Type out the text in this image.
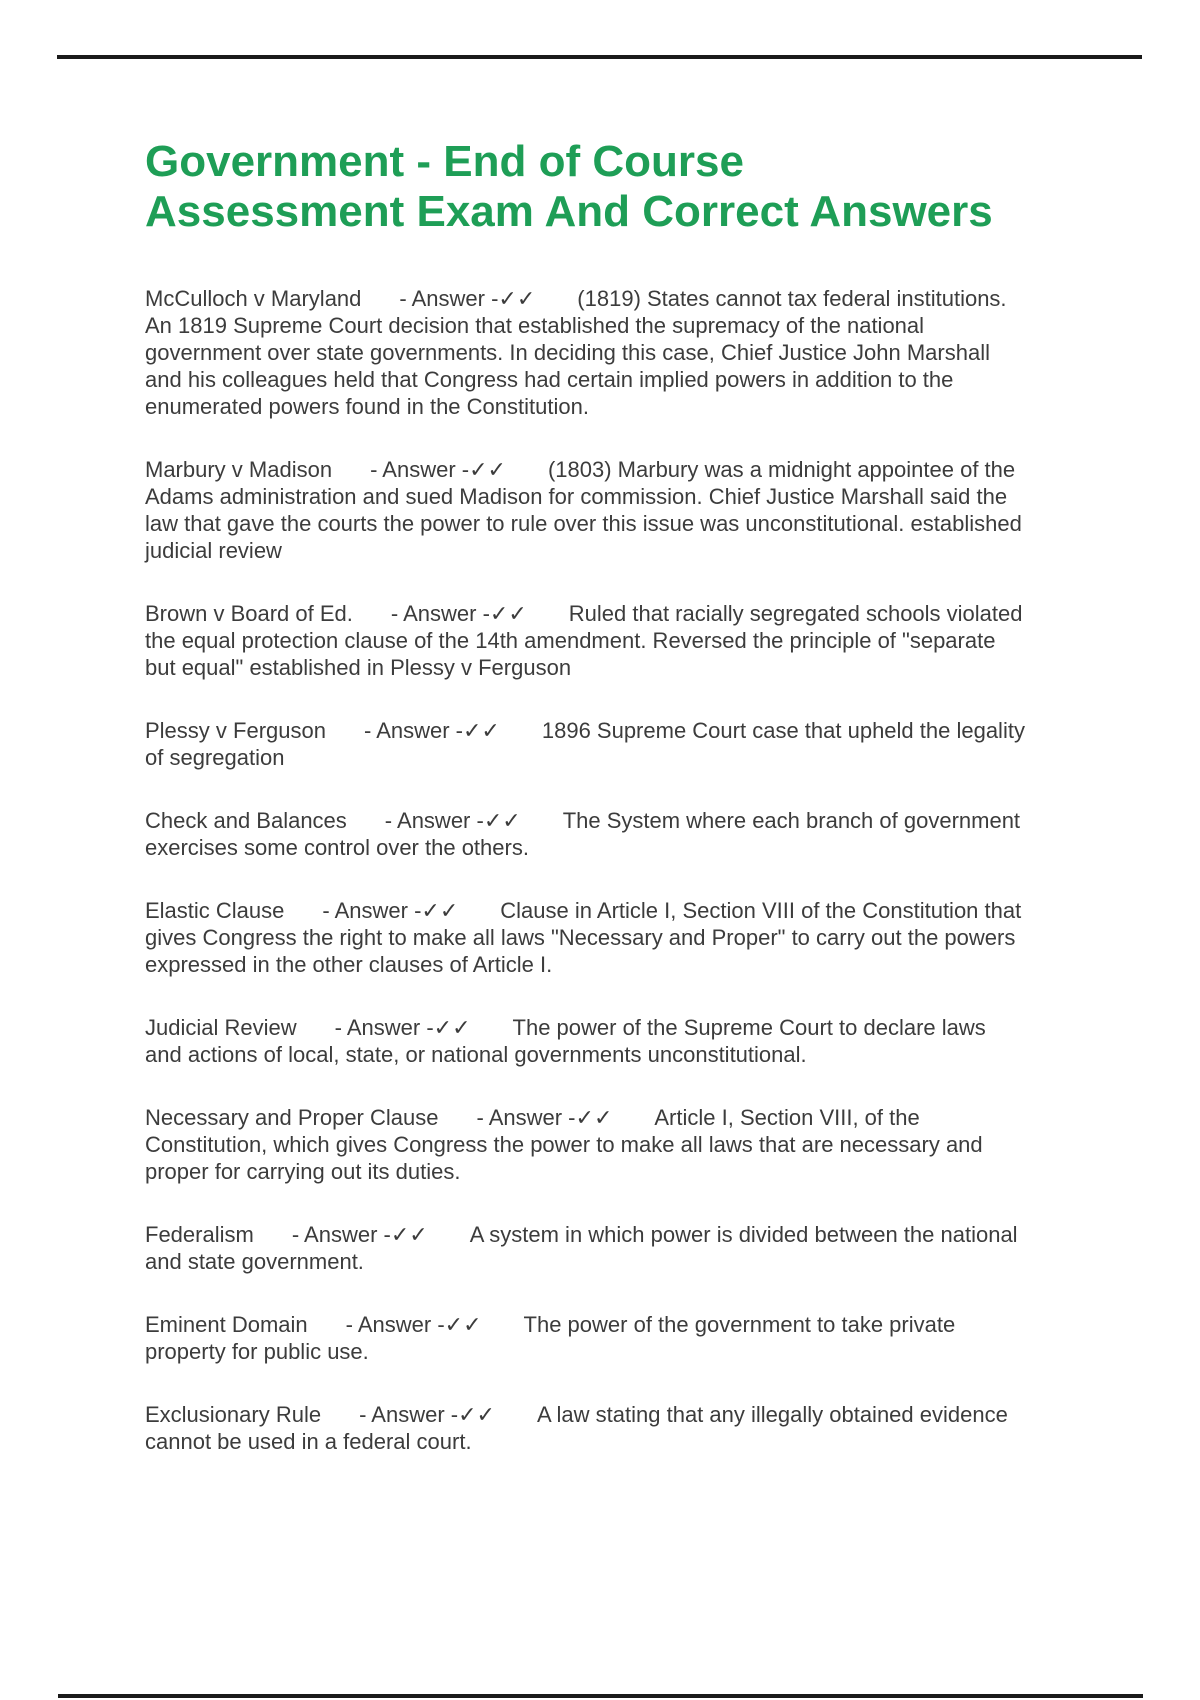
Government - End of Course
Assessment Exam And Correct Answers

McCulloch v Maryland - Answer -✓✓ (1819) States cannot tax federal institutions. An 1819 Supreme Court decision that established the supremacy of the national government over state governments. In deciding this case, Chief Justice John Marshall and his colleagues held that Congress had certain implied powers in addition to the enumerated powers found in the Constitution.

Marbury v Madison - Answer -✓✓ (1803) Marbury was a midnight appointee of the Adams administration and sued Madison for commission. Chief Justice Marshall said the law that gave the courts the power to rule over this issue was unconstitutional. established judicial review

Brown v Board of Ed. - Answer -✓✓ Ruled that racially segregated schools violated the equal protection clause of the 14th amendment. Reversed the principle of "separate but equal" established in Plessy v Ferguson

Plessy v Ferguson - Answer -✓✓ 1896 Supreme Court case that upheld the legality of segregation

Check and Balances - Answer -✓✓ The System where each branch of government exercises some control over the others.

Elastic Clause - Answer -✓✓ Clause in Article I, Section VIII of the Constitution that gives Congress the right to make all laws "Necessary and Proper" to carry out the powers expressed in the other clauses of Article I.

Judicial Review - Answer -✓✓ The power of the Supreme Court to declare laws and actions of local, state, or national governments unconstitutional.

Necessary and Proper Clause - Answer -✓✓ Article I, Section VIII, of the Constitution, which gives Congress the power to make all laws that are necessary and proper for carrying out its duties.

Federalism - Answer -✓✓ A system in which power is divided between the national and state government.

Eminent Domain - Answer -✓✓ The power of the government to take private property for public use.

Exclusionary Rule - Answer -✓✓ A law stating that any illegally obtained evidence cannot be used in a federal court.
